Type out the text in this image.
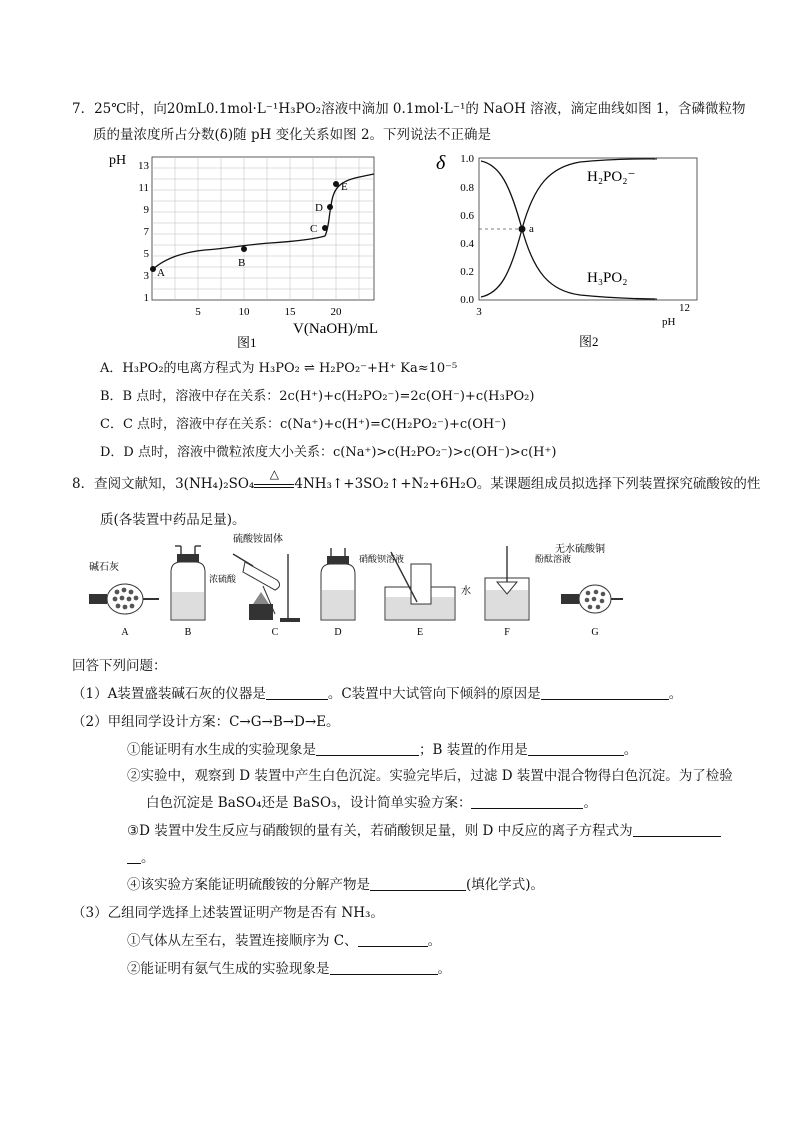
7．25℃时，向20mL0.1mol·L⁻¹H₃PO₂溶液中滴加 0.1mol·L⁻¹的 NaOH 溶液，滴定曲线如图 1，含磷微粒物
质的量浓度所占分数(δ)随 pH 变化关系如图 2。下列说法不正确是
pH 13
11
9
7
5
3
1
5	10	15	20
A
B
C
D
E
V(NaOH)/mL
图1
δ 1.0
0.8
0.6
0.4
0.2
0.0
a
H₂PO₂⁻
H₃PO₂
3	12
pH
图2
A．H₃PO₂的电离方程式为 H₃PO₂ ⇌ H₂PO₂⁻+H⁺ Ka≈10⁻⁵
B．B 点时，溶液中存在关系：2c(H⁺)+c(H₂PO₂⁻)=2c(OH⁻)+c(H₃PO₂)
C．C 点时，溶液中存在关系：c(Na⁺)+c(H⁺)=C(H₂PO₂⁻)+c(OH⁻)
D．D 点时，溶液中微粒浓度大小关系：c(Na⁺)>c(H₂PO₂⁻)>c(OH⁻)>c(H⁺)
8．查阅文献知，3(NH₄)₂SO₄
△
4NH₃↑+3SO₂↑+N₂+6H₂O。某课题组成员拟选择下列装置探究硫酸铵的性
质(各装置中药品足量)。
碱石灰
浓硫酸
硫酸铵固体
硝酸钡溶液
水
酚酞溶液
无水硫酸铜
A	B	C	D	E	F	G
回答下列问题：
（1）A装置盛装碱石灰的仪器是	。C装置中大试管向下倾斜的原因是	。
（2）甲组同学设计方案：C→G→B→D→E。
①能证明有水生成的实验现象是	；B 装置的作用是	。
②实验中，观察到 D 装置中产生白色沉淀。实验完毕后，过滤 D 装置中混合物得白色沉淀。为了检验
白色沉淀是 BaSO₄还是 BaSO₃，设计简单实验方案：	。
③D 装置中发生反应与硝酸钡的量有关，若硝酸钡足量，则 D 中反应的离子方程式为
。
④该实验方案能证明硫酸铵的分解产物是	(填化学式)。
（3）乙组同学选择上述装置证明产物是否有 NH₃。
①气体从左至右，装置连接顺序为 C、	。
②能证明有氨气生成的实验现象是	。
